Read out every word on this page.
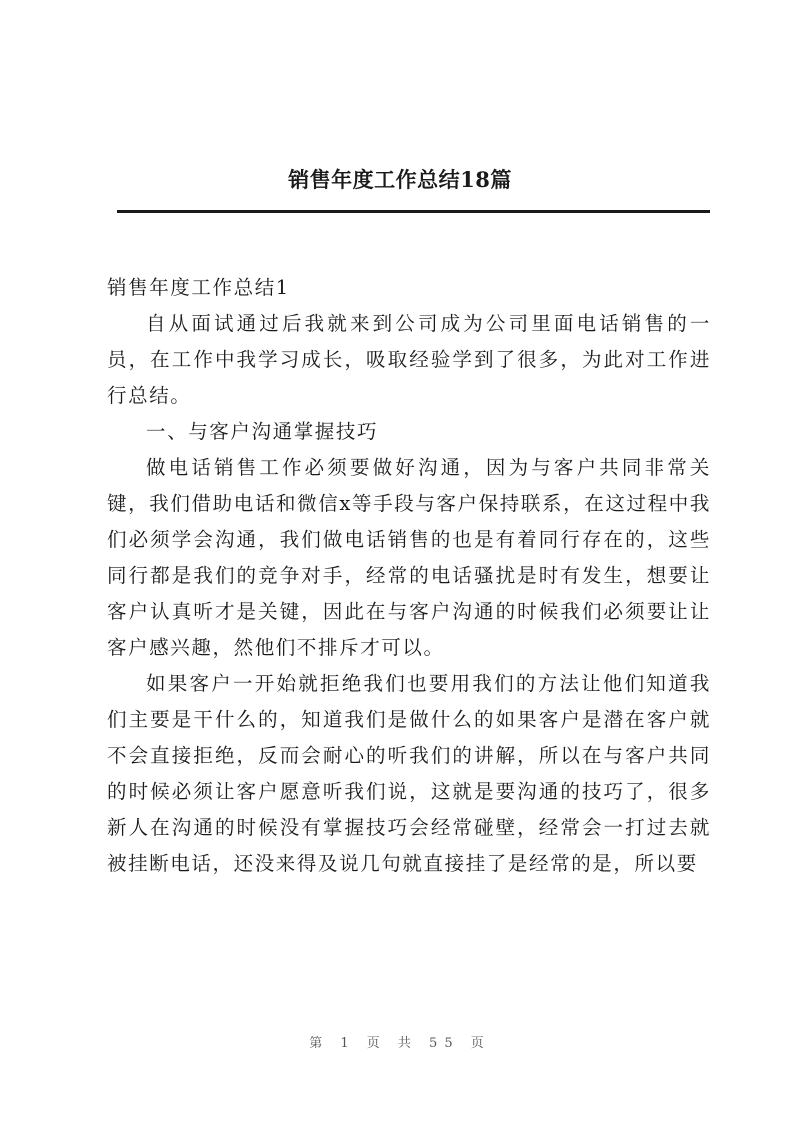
销售年度工作总结18篇

销售年度工作总结1

自从面试通过后我就来到公司成为公司里面电话销售的一员，在工作中我学习成长，吸取经验学到了很多，为此对工作进行总结。

一、与客户沟通掌握技巧

做电话销售工作必须要做好沟通，因为与客户共同非常关键，我们借助电话和微信x等手段与客户保持联系，在这过程中我们必须学会沟通，我们做电话销售的也是有着同行存在的，这些同行都是我们的竞争对手，经常的电话骚扰是时有发生，想要让客户认真听才是关键，因此在与客户沟通的时候我们必须要让让客户感兴趣，然他们不排斥才可以。

如果客户一开始就拒绝我们也要用我们的方法让他们知道我们主要是干什么的，知道我们是做什么的如果客户是潜在客户就不会直接拒绝，反而会耐心的听我们的讲解，所以在与客户共同的时候必须让客户愿意听我们说，这就是要沟通的技巧了，很多新人在沟通的时候没有掌握技巧会经常碰壁，经常会一打过去就被挂断电话，还没来得及说几句就直接挂了是经常的是，所以要

第 1 页 共 55 页
